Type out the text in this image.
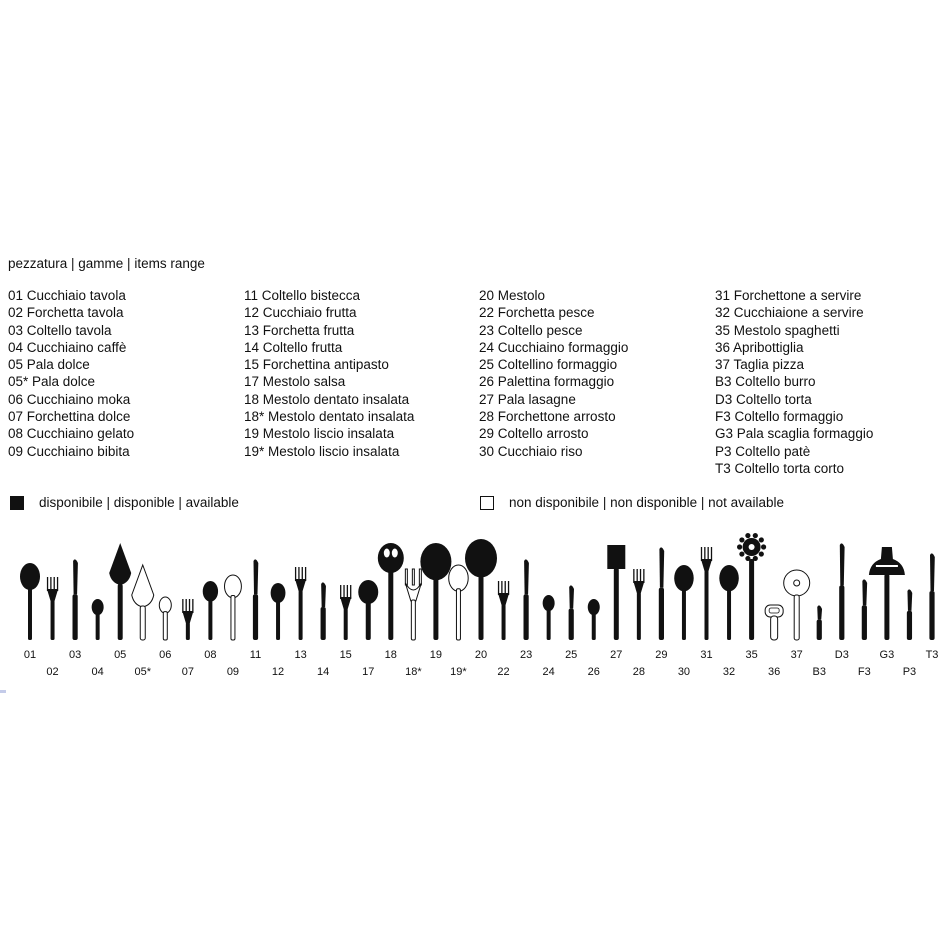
pezzatura | gamme | items range
01 Cucchiaio tavola
02 Forchetta tavola
03 Coltello tavola
04 Cucchiaino caffè
05 Pala dolce
05* Pala dolce
06 Cucchiaino moka
07 Forchettina dolce
08 Cucchiaino gelato
09 Cucchiaino bibita
11 Coltello bistecca
12 Cucchiaio frutta
13 Forchetta frutta
14 Coltello frutta
15 Forchettina antipasto
17 Mestolo salsa
18 Mestolo dentato insalata
18* Mestolo dentato insalata
19 Mestolo liscio insalata
19* Mestolo liscio insalata
20 Mestolo
22 Forchetta pesce
23 Coltello pesce
24 Cucchiaino formaggio
25 Coltellino formaggio
26 Palettina formaggio
27 Pala lasagne
28 Forchettone arrosto
29 Coltello arrosto
30 Cucchiaio riso
31 Forchettone a servire
32 Cucchiaione a servire
35 Mestolo spaghetti
36 Apribottiglia
37 Taglia pizza
B3 Coltello burro
D3 Coltello torta
F3 Coltello formaggio
G3 Pala scaglia formaggio
P3 Coltello patè
T3 Coltello torta corto
disponibile | disponible | available	non disponibile | non disponible | not available
01
02
03
04
05
05*
06
07
08
09
11
12
13
14
15
17
18
18*
19
19*
20
22
23
24
25
26
27
28
29
30
31
32
35
36
37
B3
D3
F3
G3
P3
T3
